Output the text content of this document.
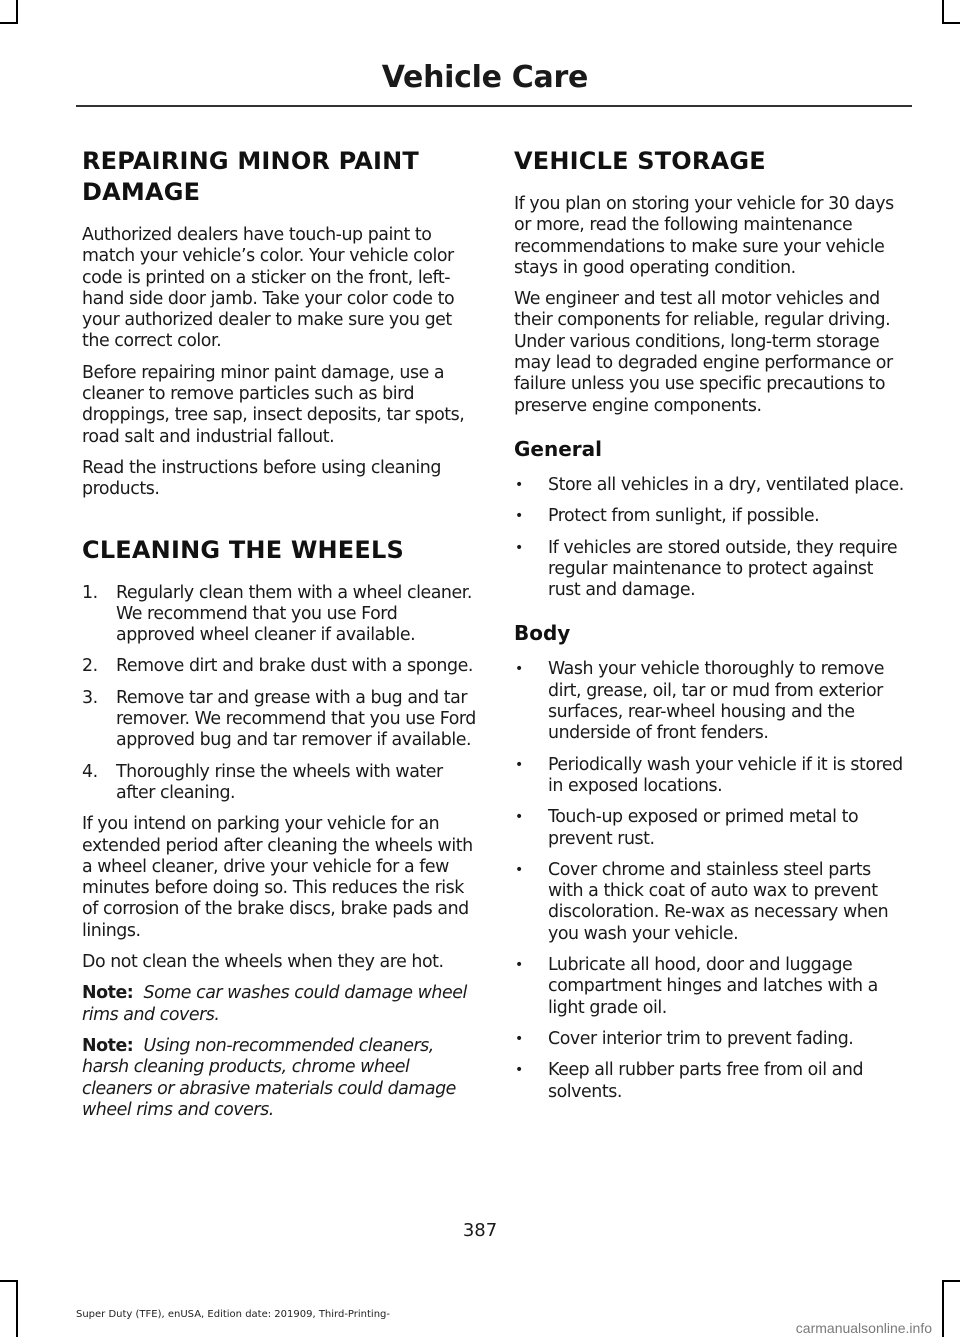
Vehicle Care
REPAIRING MINOR PAINT DAMAGE

Authorized dealers have touch-up paint to match your vehicle’s color. Your vehicle color code is printed on a sticker on the front, left-hand side door jamb. Take your color code to your authorized dealer to make sure you get the correct color.

Before repairing minor paint damage, use a cleaner to remove particles such as bird droppings, tree sap, insect deposits, tar spots, road salt and industrial fallout.

Read the instructions before using cleaning products.

CLEANING THE WHEELS
1. Regularly clean them with a wheel cleaner. We recommend that you use Ford approved wheel cleaner if available.
2. Remove dirt and brake dust with a sponge.
3. Remove tar and grease with a bug and tar remover. We recommend that you use Ford approved bug and tar remover if available.
4. Thoroughly rinse the wheels with water after cleaning.

If you intend on parking your vehicle for an extended period after cleaning the wheels with a wheel cleaner, drive your vehicle for a few minutes before doing so. This reduces the risk of corrosion of the brake discs, brake pads and linings.

Do not clean the wheels when they are hot.

Note: Some car washes could damage wheel rims and covers.

Note: Using non-recommended cleaners, harsh cleaning products, chrome wheel cleaners or abrasive materials could damage wheel rims and covers.

VEHICLE STORAGE

If you plan on storing your vehicle for 30 days or more, read the following maintenance recommendations to make sure your vehicle stays in good operating condition.

We engineer and test all motor vehicles and their components for reliable, regular driving. Under various conditions, long-term storage may lead to degraded engine performance or failure unless you use specific precautions to preserve engine components.

General
• Store all vehicles in a dry, ventilated place.
• Protect from sunlight, if possible.
• If vehicles are stored outside, they require regular maintenance to protect against rust and damage.
Body
• Wash your vehicle thoroughly to remove dirt, grease, oil, tar or mud from exterior surfaces, rear-wheel housing and the underside of front fenders.
• Periodically wash your vehicle if it is stored in exposed locations.
• Touch-up exposed or primed metal to prevent rust.
• Cover chrome and stainless steel parts with a thick coat of auto wax to prevent discoloration. Re-wax as necessary when you wash your vehicle.
• Lubricate all hood, door and luggage compartment hinges and latches with a light grade oil.
• Cover interior trim to prevent fading.
• Keep all rubber parts free from oil and solvents.
387
Super Duty (TFE), enUSA, Edition date: 201909, Third-Printing-
carmanualsonline.info
